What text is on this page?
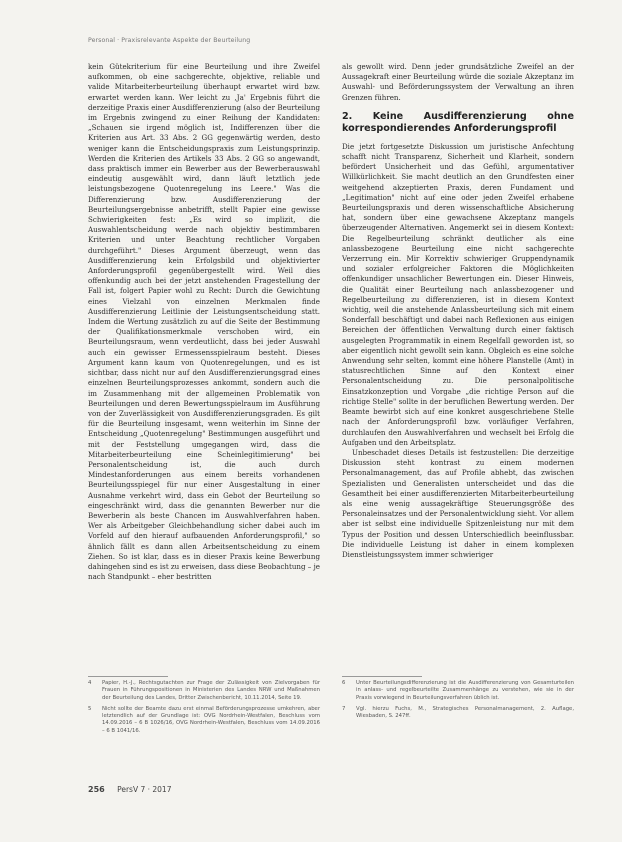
Personal · Praxisrelevante Aspekte der Beurteilung

kein Gütekriterium für eine Beurteilung und ihre Zweifel aufkommen, ob eine sachgerechte, objektive, reliable und valide Mitarbeiterbeurteilung überhaupt erwartet wird bzw. erwartet werden kann. Wer leicht zu ,Ja' Ergebnis führt die derzeitige Praxis einer Ausdifferenzierung (also der Beurteilung im Ergebnis zwingend zu einer Reihung der Kandidaten: „Schauen sie irgend möglich ist, Indifferenzen über die Kriterien aus Art. 33 Abs. 2 GG gegenwärtig werden, desto weniger kann die Entscheidungspraxis zum Leistungsprinzip. Werden die Kriterien des Artikels 33 Abs. 2 GG so angewandt, dass praktisch immer ein Bewerber aus der Bewerberauswahl eindeutig ausgewählt wird, dann läuft letztlich jede leistungsbezogene Quotenregelung ins Leere." Was die Differenzierung bzw. Ausdifferenzierung der Beurteilungsergebnisse anbetrifft, stellt Papier eine gewisse Schwierigkeiten fest: „Es wird so implizit, die Auswahlentscheidung werde nach objektiv bestimmbaren Kriterien und unter Beachtung rechtlicher Vorgaben durchgeführt." Dieses Argument überzeugt, wenn das Ausdifferenzierung kein Erfolgsbild und objektivierter Anforderungsprofil gegenübergestellt wird. Weil dies offenkundig auch bei der jetzt anstehenden Fragestellung der Fall ist, folgert Papier wohl zu Recht: Durch die Gewichtung eines Vielzahl von einzelnen Merkmalen finde Ausdifferenzierung Leitlinie der Leistungsentscheidung statt. Indem die Wertung zusätzlich zu auf die Seite der Bestimmung der Qualifikationsmerkmale verschoben wird, ein Beurteilungsraum, wenn verdeutlicht, dass bei jeder Auswahl auch ein gewisser Ermessensspielraum besteht. Dieses Argument kann kaum von Quotenregelungen, und es ist sichtbar, dass nicht nur auf den Ausdifferenzierungsgrad eines einzelnen Beurteilungsprozesses ankommt, sondern auch die im Zusammenhang mit der allgemeinen Problematik von Beurteilungen und deren Bewertungsspielraum im Ausführung von der Zuverlässigkeit von Ausdifferenzierungsgraden. Es gilt für die Beurteilung insgesamt, wenn weiterhin im Sinne der Entscheidung „Quotenregelung" Bestimmungen ausgeführt und mit der Feststellung umgegangen wird, dass die Mitarbeiterbeurteilung eine Scheinlegitimierung" bei Personalentscheidung ist, die auch durch Mindestanforderungen aus einem bereits vorhandenen Beurteilungsspiegel für nur einer Ausgestaltung in einer Ausnahme verkehrt wird, dass ein Gebot der Beurteilung so eingeschränkt wird, dass die genannten Bewerber nur die Bewerberin als beste Chancen im Auswahlverfahren haben. Wer als Arbeitgeber Gleichbehandlung sicher dabei auch im Vorfeld auf den hierauf aufbauenden Anforderungsprofil," so ähnlich fällt es dann allen Arbeitsentscheidung zu einem Ziehen. So ist klar, dass es in dieser Praxis keine Bewerbung dahingehen sind es ist zu erweisen, dass diese Beobachtung – je nach Standpunkt – eher bestritten

als gewollt wird. Denn jeder grundsätzliche Zweifel an der Aussagekraft einer Beurteilung würde die soziale Akzeptanz im Auswahl- und Beförderungssystem der Verwaltung an ihren Grenzen führen.

2. Keine Ausdifferenzierung ohne korrespondierendes Anforderungsprofil

Die jetzt fortgesetzte Diskussion um juristische Anfechtung schafft nicht Transparenz, Sicherheit und Klarheit, sondern befördert Unsicherheit und das Gefühl, argumentativer Willkürlichkeit. Sie macht deutlich an den Grundfesten einer weitgehend akzeptierten Praxis, deren Fundament und „Legitimation" nicht auf eine oder jeden Zweifel erhabene Beurteilungspraxis und deren wissenschaftliche Absicherung hat, sondern über eine gewachsene Akzeptanz mangels überzeugender Alternativen. Angemerkt sei in diesem Kontext: Die Regelbeurteilung schränkt deutlicher als eine anlassbezogene Beurteilung eine nicht sachgerechte Verzerrung ein. Mir Korrektiv schwieriger Gruppendynamik und sozialer erfolgreicher Faktoren die Möglichkeiten offenkundiger unsachlicher Bewertungen ein. Dieser Hinweis, die Qualität einer Beurteilung nach anlassbezogener und Regelbeurteilung zu differenzieren, ist in diesem Kontext wichtig, weil die anstehende Anlassbeurteilung sich mit einem Sonderfall beschäftigt und dabei nach Reflexionen aus einigen Bereichen der öffentlichen Verwaltung durch einer faktisch ausgelegten Programmatik in einem Regelfall geworden ist, so aber eigentlich nicht gewollt sein kann. Obgleich es eine solche Anwendung sehr selten, kommt eine höhere Planstelle (Amt) in statusrechtlichen Sinne auf den Kontext einer Personalentscheidung zu. Die personalpolitische Einsatzkonzeption und Vorgabe „die richtige Person auf die richtige Stelle" sollte in der beruflichen Bewertung werden. Der Beamte bewirbt sich auf eine konkret ausgeschriebene Stelle nach der Anforderungsprofil bzw. vorläufiger Verfahren, durchlaufen den Auswahlverfahren und wechselt bei Erfolg die Aufgaben und den Arbeitsplatz.

Unbeschadet dieses Details ist festzustellen: Die derzeitige Diskussion steht kontrast zu einem modernen Personalmanagement, das auf Profile abhebt, das zwischen Spezialisten und Generalisten unterscheidet und das die Gesamtheit bei einer ausdifferenzierten Mitarbeiterbeurteilung als eine wenig aussagekräftige Steuerungsgröße des Personaleinsatzes und der Personalentwicklung sieht. Vor allem aber ist selbst eine individuelle Spitzenleistung nur mit dem Typus der Position und dessen Unterschiedlich beeinflussbar. Die individuelle Leistung ist daher in einem komplexen Dienstleistungssystem immer schwieriger

4	Papier, H.-J., Rechtsgutachten zur Frage der Zulässigkeit von Zielvorgaben für Frauen in Führungspositionen in Ministerien des Landes NRW und Maßnahmen der Beurteilung des Landes, Dritter Zwischenbericht, 10.11.2014, Seite 19.
5	Nicht sollte der Beamte dazu erst einmal Beförderungsprozesse umkehren, aber letztendlich auf der Grundlage ist: OVG Nordrhein-Westfalen, Beschluss vom 14.09.2016 – 6 B 1026/16, OVG Nordrhein-Westfalen, Beschluss vom 14.09.2016 – 6 B 1041/16.
6	Unter Beurteilungsdifferenzierung ist die Ausdifferenzierung von Gesamturteilen in anlass- und regelbeurteilte Zusammenhänge zu verstehen, wie sie in der Praxis vorwiegend in Beurteilungsverfahren üblich ist.
7	Vgl. hierzu Fuchs, M., Strategisches Personalmanagement, 2. Auflage, Wiesbaden, S. 247ff.
256 PersV 7 · 2017
